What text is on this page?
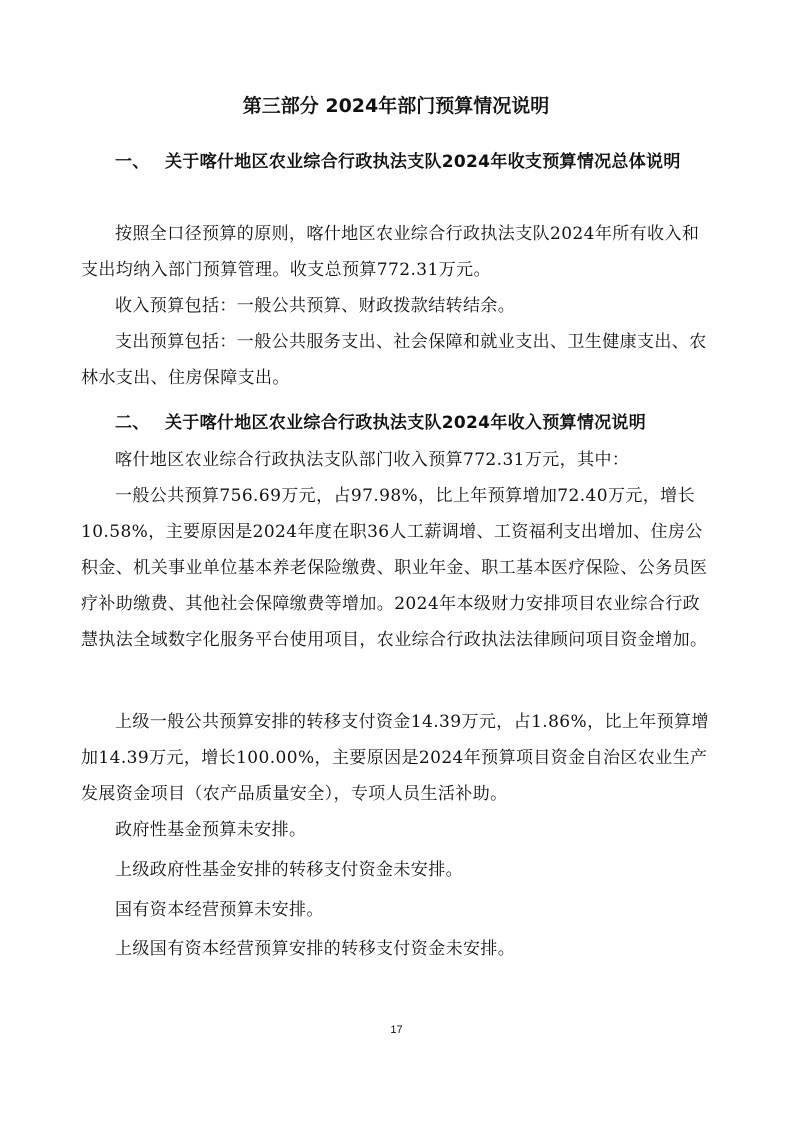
第三部分 2024年部门预算情况说明
一、 关于喀什地区农业综合行政执法支队2024年收支预算情况总体说明
按照全口径预算的原则，喀什地区农业综合行政执法支队2024年所有收入和支出均纳入部门预算管理。收支总预算772.31万元。
收入预算包括：一般公共预算、财政拨款结转结余。
支出预算包括：一般公共服务支出、社会保障和就业支出、卫生健康支出、农林水支出、住房保障支出。
二、 关于喀什地区农业综合行政执法支队2024年收入预算情况说明
喀什地区农业综合行政执法支队部门收入预算772.31万元，其中：
一般公共预算756.69万元，占97.98%，比上年预算增加72.40万元，增长10.58%，主要原因是2024年度在职36人工薪调增、工资福利支出增加、住房公积金、机关事业单位基本养老保险缴费、职业年金、职工基本医疗保险、公务员医疗补助缴费、其他社会保障缴费等增加。2024年本级财力安排项目农业综合行政慧执法全域数字化服务平台使用项目，农业综合行政执法法律顾问项目资金增加。
上级一般公共预算安排的转移支付资金14.39万元，占1.86%，比上年预算增加14.39万元，增长100.00%，主要原因是2024年预算项目资金自治区农业生产发展资金项目（农产品质量安全），专项人员生活补助。
政府性基金预算未安排。
上级政府性基金安排的转移支付资金未安排。
国有资本经营预算未安排。
上级国有资本经营预算安排的转移支付资金未安排。
17
